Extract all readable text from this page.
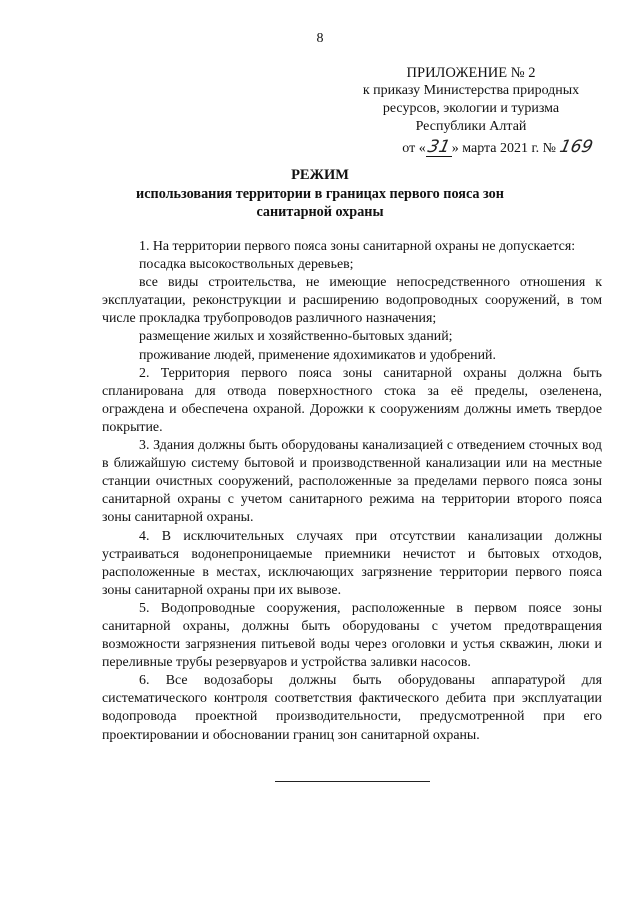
8
ПРИЛОЖЕНИЕ № 2
к приказу Министерства природных
ресурсов, экологии и туризма
Республики Алтай
от «31» марта 2021 г. № 169
РЕЖИМ
использования территории в границах первого пояса зон санитарной охраны

1. На территории первого пояса зоны санитарной охраны не допускается:

посадка высокоствольных деревьев;

все виды строительства, не имеющие непосредственного отношения к эксплуатации, реконструкции и расширению водопроводных сооружений, в том числе прокладка трубопроводов различного назначения;

размещение жилых и хозяйственно-бытовых зданий;

проживание людей, применение ядохимикатов и удобрений.

2. Территория первого пояса зоны санитарной охраны должна быть спланирована для отвода поверхностного стока за её пределы, озеленена, ограждена и обеспечена охраной. Дорожки к сооружениям должны иметь твердое покрытие.

3. Здания должны быть оборудованы канализацией с отведением сточных вод в ближайшую систему бытовой и производственной канализации или на местные станции очистных сооружений, расположенные за пределами первого пояса зоны санитарной охраны с учетом санитарного режима на территории второго пояса зоны санитарной охраны.

4. В исключительных случаях при отсутствии канализации должны устраиваться водонепроницаемые приемники нечистот и бытовых отходов, расположенные в местах, исключающих загрязнение территории первого пояса зоны санитарной охраны при их вывозе.

5. Водопроводные сооружения, расположенные в первом поясе зоны санитарной охраны, должны быть оборудованы с учетом предотвращения возможности загрязнения питьевой воды через оголовки и устья скважин, люки и переливные трубы резервуаров и устройства заливки насосов.

6. Все водозаборы должны быть оборудованы аппаратурой для систематического контроля соответствия фактического дебита при эксплуатации водопровода проектной производительности, предусмотренной при его проектировании и обосновании границ зон санитарной охраны.
